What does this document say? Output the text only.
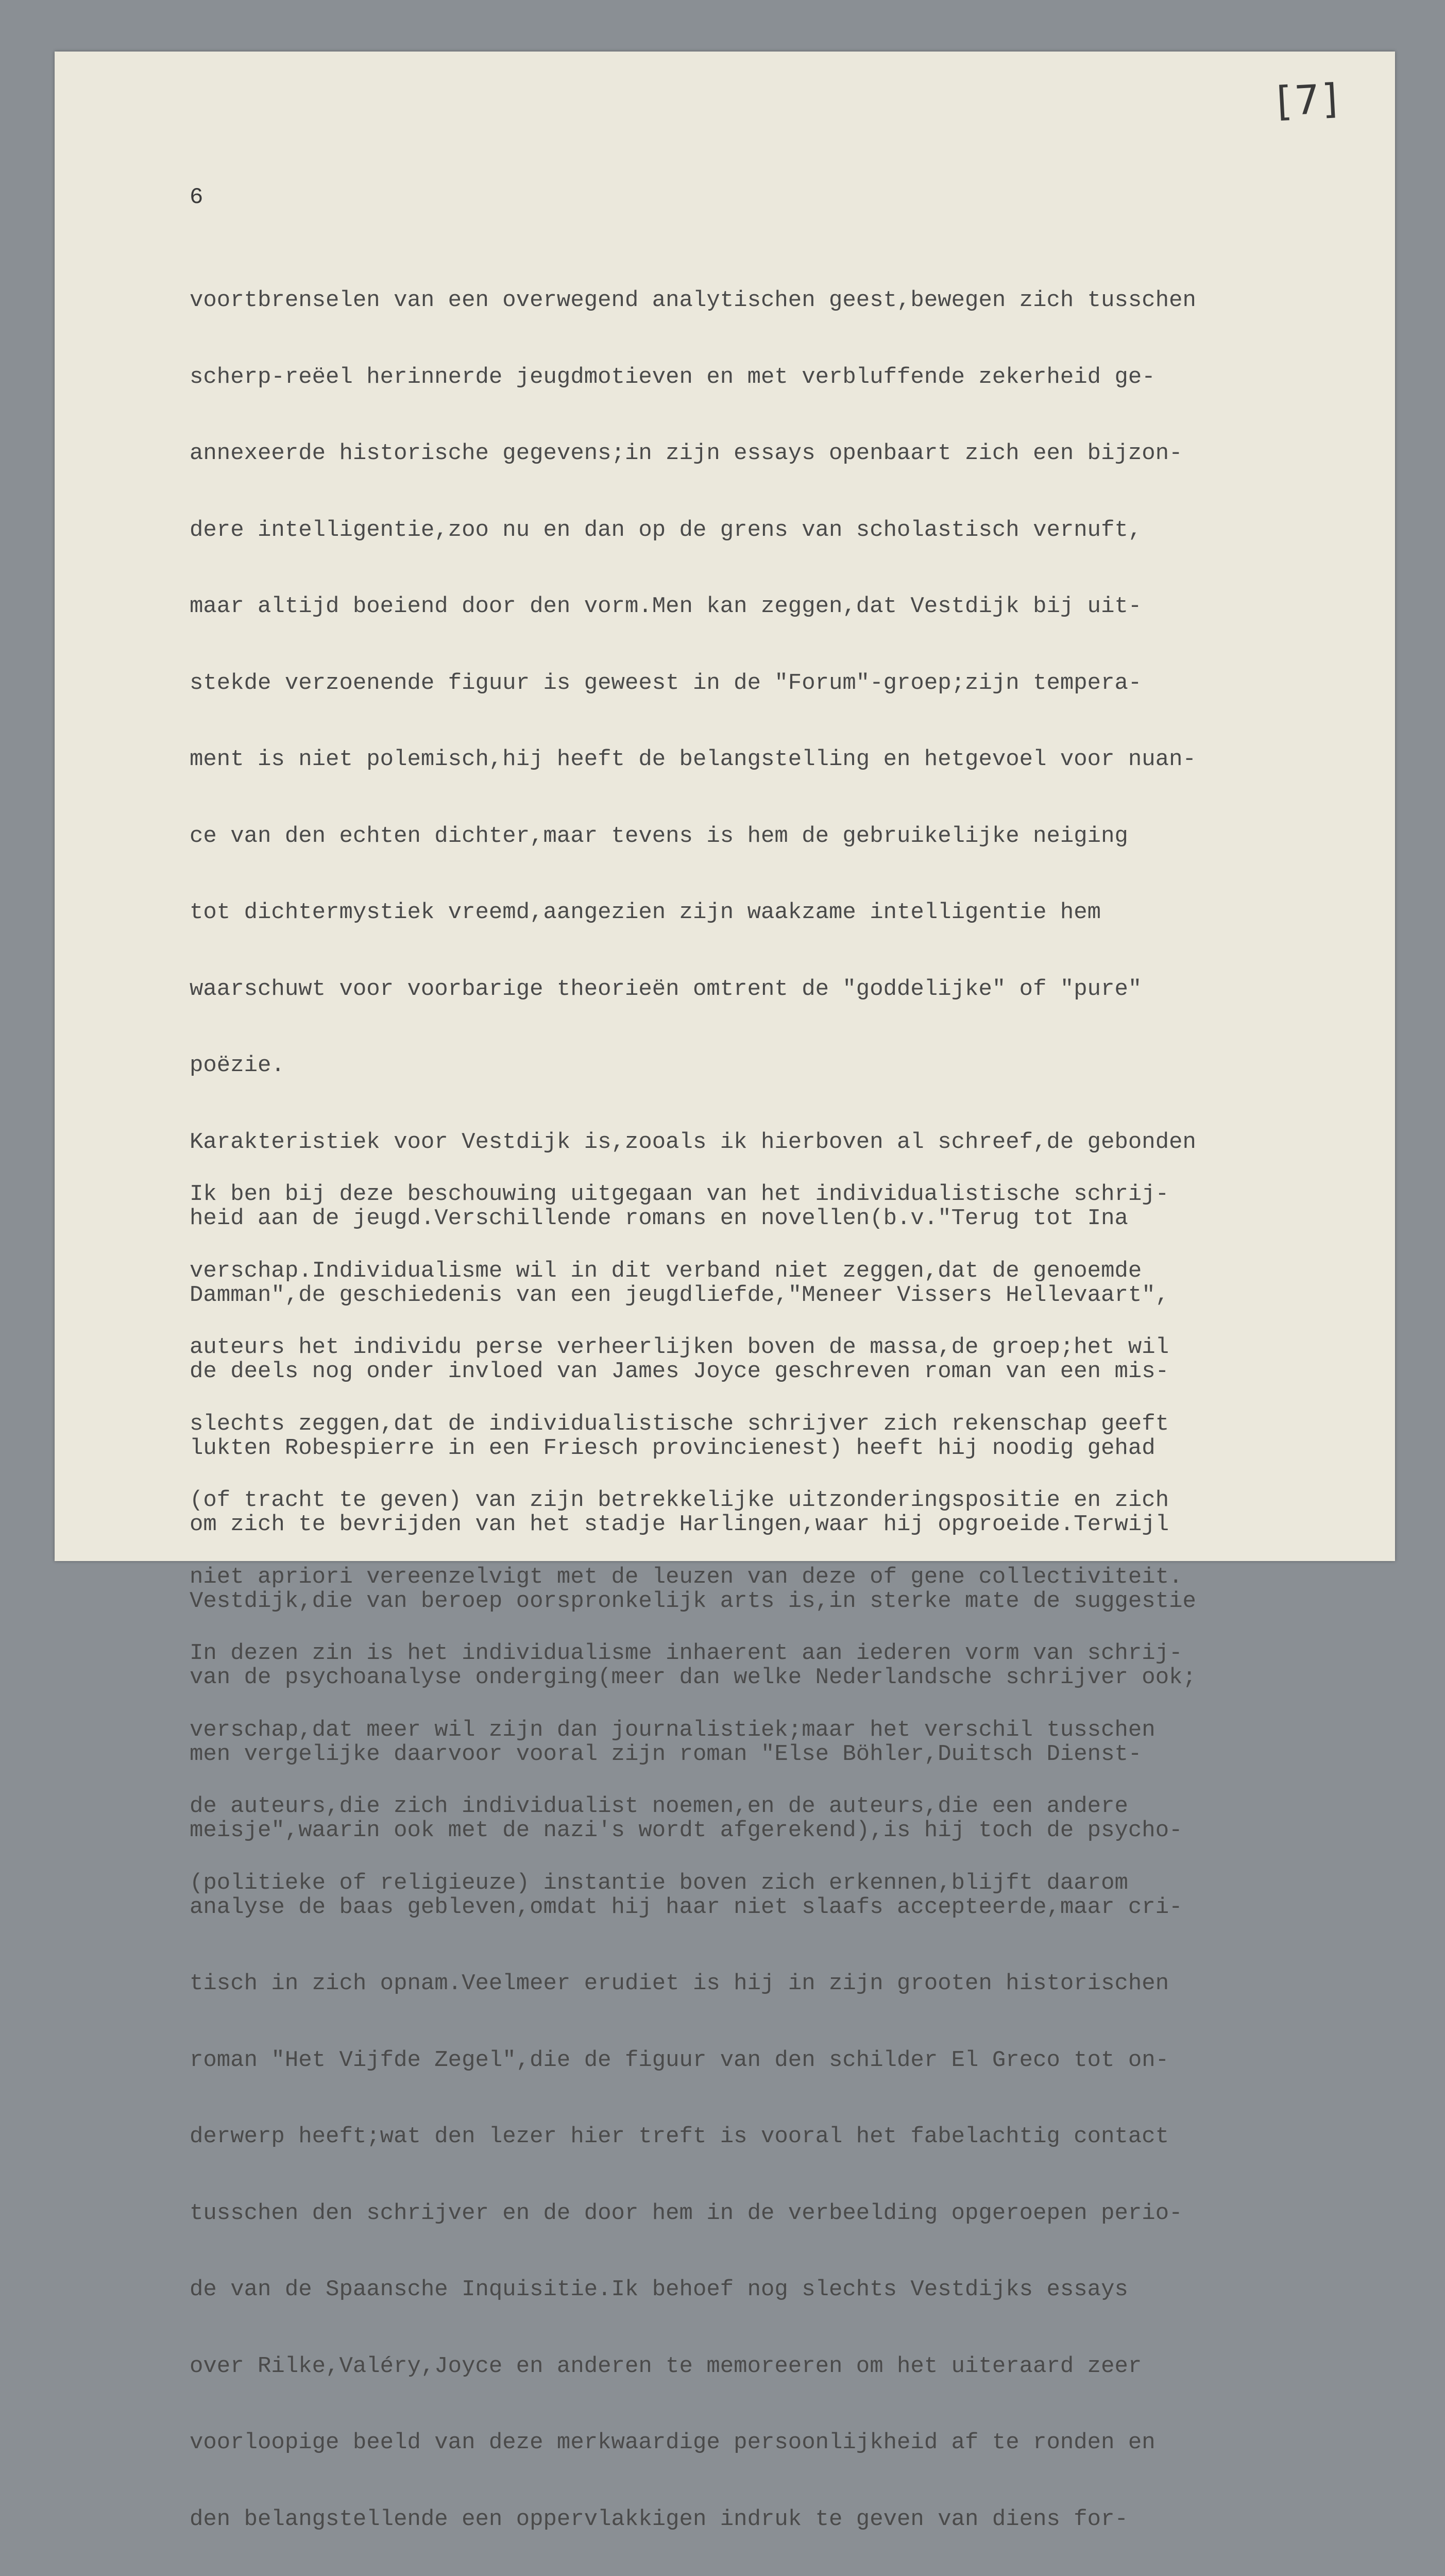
[7]
6

voortbrenselen van een overwegend analytischen geest,bewegen zich tusschen

scherp-reëel herinnerde jeugdmotieven en met verbluffende zekerheid ge-

annexeerde historische gegevens;in zijn essays openbaart zich een bijzon-

dere intelligentie,zoo nu en dan op de grens van scholastisch vernuft,

maar altijd boeiend door den vorm.Men kan zeggen,dat Vestdijk bij uit-

stekde verzoenende figuur is geweest in de "Forum"-groep;zijn tempera-

ment is niet polemisch,hij heeft de belangstelling en hetgevoel voor nuan-

ce van den echten dichter,maar tevens is hem de gebruikelijke neiging

tot dichtermystiek vreemd,aangezien zijn waakzame intelligentie hem

waarschuwt voor voorbarige theorieën omtrent de "goddelijke" of "pure"

poëzie.

Karakteristiek voor Vestdijk is,zooals ik hierboven al schreef,de gebonden

heid aan de jeugd.Verschillende romans en novellen(b.v."Terug tot Ina

Damman",de geschiedenis van een jeugdliefde,"Meneer Vissers Hellevaart",

de deels nog onder invloed van James Joyce geschreven roman van een mis-

lukten Robespierre in een Friesch provincienest) heeft hij noodig gehad

om zich te bevrijden van het stadje Harlingen,waar hij opgroeide.Terwijl

Vestdijk,die van beroep oorspronkelijk arts is,in sterke mate de suggestie

van de psychoanalyse onderging(meer dan welke Nederlandsche schrijver ook;

men vergelijke daarvoor vooral zijn roman "Else Böhler,Duitsch Dienst-

meisje",waarin ook met de nazi's wordt afgerekend),is hij toch de psycho-

analyse de baas gebleven,omdat hij haar niet slaafs accepteerde,maar cri-

tisch in zich opnam.Veelmeer erudiet is hij in zijn grooten historischen

roman "Het Vijfde Zegel",die de figuur van den schilder El Greco tot on-

derwerp heeft;wat den lezer hier treft is vooral het fabelachtig contact

tusschen den schrijver en de door hem in de verbeelding opgeroepen perio-

de van de Spaansche Inquisitie.Ik behoef nog slechts Vestdijks essays

over Rilke,Valéry,Joyce en anderen te memoreeren om het uiteraard zeer

voorloopige beeld van deze merkwaardige persoonlijkheid af te ronden en

den belangstellende een oppervlakkigen indruk te geven van diens for-

Ik ben bij deze beschouwing uitgegaan van het individualistische schrij-

verschap.Individualisme wil in dit verband niet zeggen,dat de genoemde

auteurs het individu perse verheerlijken boven de massa,de groep;het wil

slechts zeggen,dat de individualistische schrijver zich rekenschap geeft

(of tracht te geven) van zijn betrekkelijke uitzonderingspositie en zich

niet apriori vereenzelvigt met de leuzen van deze of gene collectiviteit.

In dezen zin is het individualisme inhaerent aan iederen vorm van schrij-

verschap,dat meer wil zijn dan journalistiek;maar het verschil tusschen

de auteurs,die zich individualist noemen,en de auteurs,die een andere

(politieke of religieuze) instantie boven zich erkennen,blijft daarom
